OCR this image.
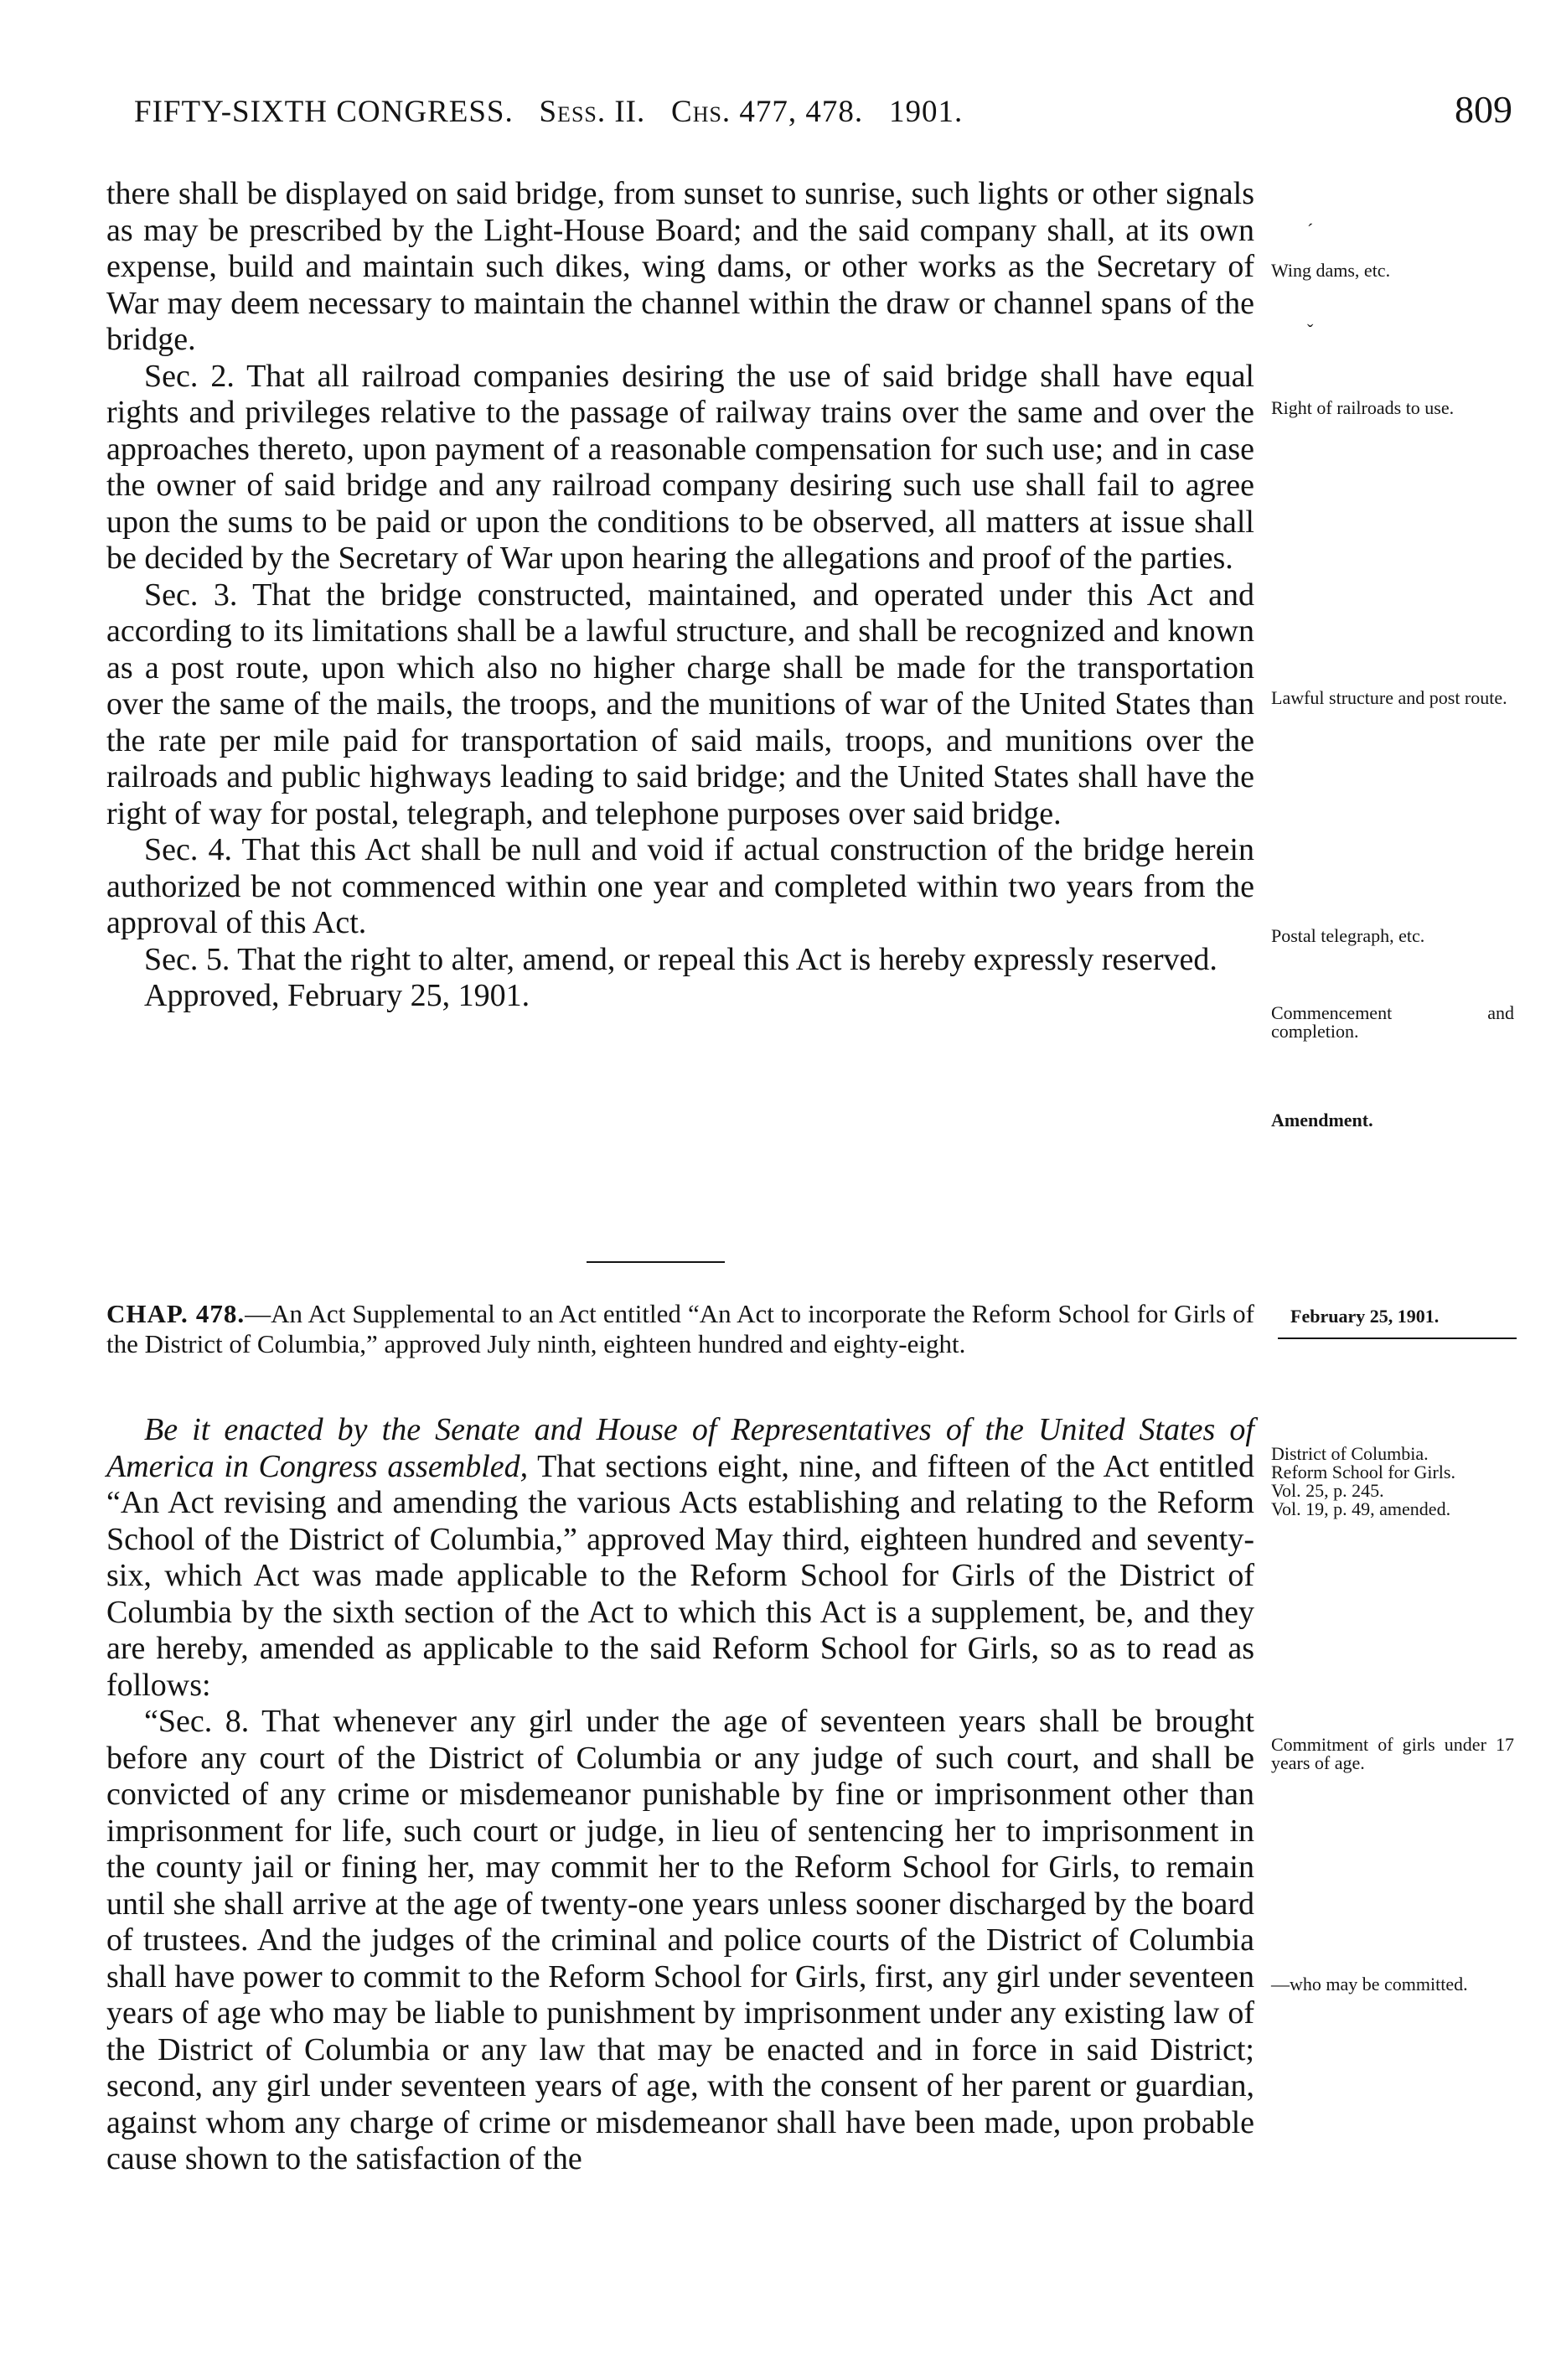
FIFTY-SIXTH CONGRESS. Sess. II. Chs. 477, 478. 1901.	809

there shall be displayed on said bridge, from sunset to sunrise, such lights or other signals as may be prescribed by the Light-House Board; and the said company shall, at its own expense, build and maintain such dikes, wing dams, or other works as the Secretary of War may deem necessary to maintain the channel within the draw or channel spans of the bridge.

Sec. 2. That all railroad companies desiring the use of said bridge shall have equal rights and privileges relative to the passage of railway trains over the same and over the approaches thereto, upon payment of a reasonable compensation for such use; and in case the owner of said bridge and any railroad company desiring such use shall fail to agree upon the sums to be paid or upon the conditions to be observed, all matters at issue shall be decided by the Secretary of War upon hearing the allegations and proof of the parties.

Sec. 3. That the bridge constructed, maintained, and operated under this Act and according to its limitations shall be a lawful structure, and shall be recognized and known as a post route, upon which also no higher charge shall be made for the transportation over the same of the mails, the troops, and the munitions of war of the United States than the rate per mile paid for transportation of said mails, troops, and munitions over the railroads and public highways leading to said bridge; and the United States shall have the right of way for postal, telegraph, and telephone purposes over said bridge.

Sec. 4. That this Act shall be null and void if actual construction of the bridge herein authorized be not commenced within one year and completed within two years from the approval of this Act.

Sec. 5. That the right to alter, amend, or repeal this Act is hereby expressly reserved.

Approved, February 25, 1901.

CHAP. 478.—An Act Supplemental to an Act entitled “An Act to incorporate the Reform School for Girls of the District of Columbia,” approved July ninth, eighteen hundred and eighty-eight.

Be it enacted by the Senate and House of Representatives of the United States of America in Congress assembled, That sections eight, nine, and fifteen of the Act entitled “An Act revising and amending the various Acts establishing and relating to the Reform School of the District of Columbia,” approved May third, eighteen hundred and seventy-six, which Act was made applicable to the Reform School for Girls of the District of Columbia by the sixth section of the Act to which this Act is a supplement, be, and they are hereby, amended as applicable to the said Reform School for Girls, so as to read as follows:

“Sec. 8. That whenever any girl under the age of seventeen years shall be brought before any court of the District of Columbia or any judge of such court, and shall be convicted of any crime or misdemeanor punishable by fine or imprisonment other than imprisonment for life, such court or judge, in lieu of sentencing her to imprisonment in the county jail or fining her, may commit her to the Reform School for Girls, to remain until she shall arrive at the age of twenty-one years unless sooner discharged by the board of trustees. And the judges of the criminal and police courts of the District of Columbia shall have power to commit to the Reform School for Girls, first, any girl under seventeen years of age who may be liable to punishment by imprisonment under any existing law of the District of Columbia or any law that may be enacted and in force in said District; second, any girl under seventeen years of age, with the consent of her parent or guardian, against whom any charge of crime or misdemeanor shall have been made, upon probable cause shown to the satisfaction of the

ˊ
ˇ
Wing dams, etc.
Right of railroads to use.
Lawful structure and post route.
Postal telegraph, etc.
Commencement and completion.
Amendment.
February 25, 1901.
District of Columbia.
Reform School for Girls.
Vol. 25, p. 245.
Vol. 19, p. 49, amended.
Commitment of girls under 17 years of age.
—who may be committed.
